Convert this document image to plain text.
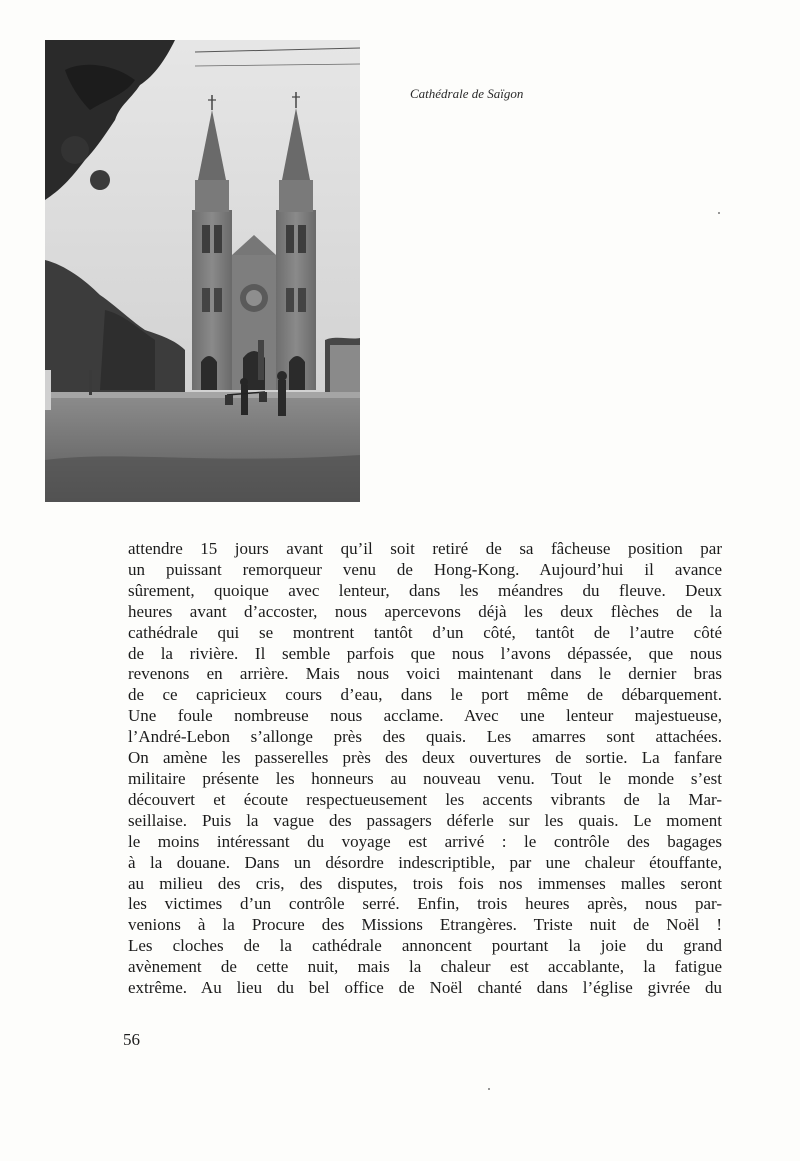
Cathédrale de Saïgon
attendre 15 jours avant qu’il soit retiré de sa fâcheuse position par
un puissant remorqueur venu de Hong-Kong. Aujourd’hui il avance
sûrement, quoique avec lenteur, dans les méandres du fleuve. Deux
heures avant d’accoster, nous apercevons déjà les deux flèches de la
cathédrale qui se montrent tantôt d’un côté, tantôt de l’autre côté
de la rivière. Il semble parfois que nous l’avons dépassée, que nous
revenons en arrière. Mais nous voici maintenant dans le dernier bras
de ce capricieux cours d’eau, dans le port même de débarquement.
Une foule nombreuse nous acclame. Avec une lenteur majestueuse,
l’André-Lebon s’allonge près des quais. Les amarres sont attachées.
On amène les passerelles près des deux ouvertures de sortie. La fanfare
militaire présente les honneurs au nouveau venu. Tout le monde s’est
découvert et écoute respectueusement les accents vibrants de la Mar-
seillaise. Puis la vague des passagers déferle sur les quais. Le moment
le moins intéressant du voyage est arrivé : le contrôle des bagages
à la douane. Dans un désordre indescriptible, par une chaleur étouffante,
au milieu des cris, des disputes, trois fois nos immenses malles seront
les victimes d’un contrôle serré. Enfin, trois heures après, nous par-
venions à la Procure des Missions Etrangères. Triste nuit de Noël !
Les cloches de la cathédrale annoncent pourtant la joie du grand
avènement de cette nuit, mais la chaleur est accablante, la fatigue
extrême. Au lieu du bel office de Noël chanté dans l’église givrée du
56
